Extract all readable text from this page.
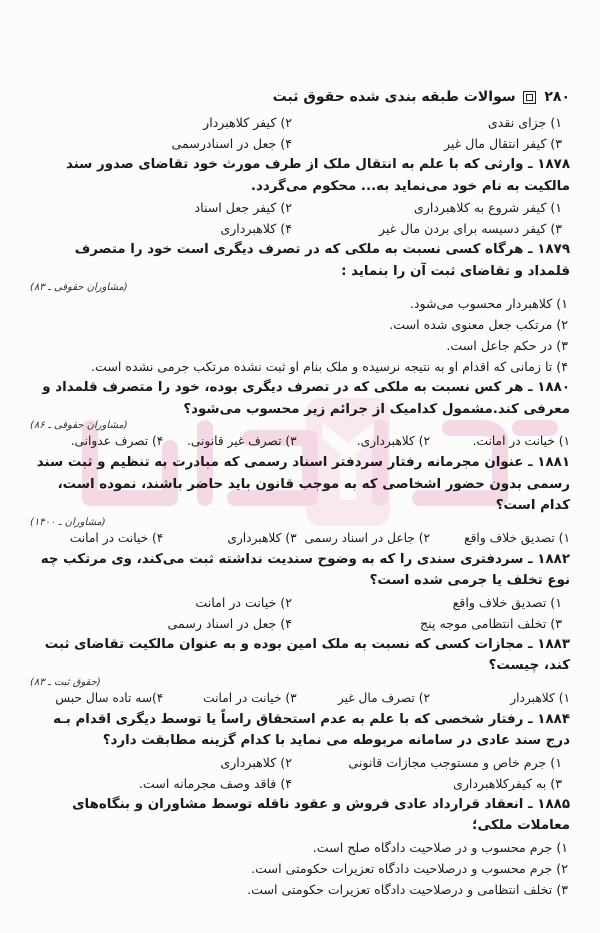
۲۸۰  سوالات طبقه بندی شده حقوق ثبت
۱) جزای نقدی
۲) کیفر کلاهبردار
۳) کیفر انتقال مال غیر
۴) جعل در اسنادرسمی
۱۸۷۸ ـ وارثی که با علم به انتقال ملک از طرف مورث خود تقاضای صدور سند مالکیت به نام خود می‌نماید به... محکوم می‌گردد.
۱) کیفر شروع به کلاهبرداری
۲) کیفر جعل اسناد
۳) کیفر دسیسه برای بردن مال غیر
۴) کلاهبرداری
۱۸۷۹ ـ هرگاه کسی نسبت به ملکی که در تصرف دیگری است خود را متصرف قلمداد و تقاضای ثبت آن را بنماید :
(مشاوران حقوقی ـ ۸۳)
۱) کلاهبردار محسوب می‌شود.
۲) مرتکب جعل معنوی شده است.
۳) در حکم جاعل است.
۴) تا زمانی که اقدام او به نتیجه نرسیده و ملک بنام او ثبت نشده مرتکب جرمی نشده است.
۱۸۸۰ ـ هر کس نسبت به ملکی که در تصرف دیگری بوده، خود را متصرف قلمداد و معرفی کند.مشمول کدامیک از جرائم زیر محسوب می‌شود؟
(مشاوران حقوقی ـ ۸۶)
۱) خیانت در امانت.
۲) کلاهبرداری.
۳) تصرف غیر قانونی.
۴) تصرف عدوانی.
۱۸۸۱ ـ عنوان مجرمانه رفتار سردفتر اسناد رسمی که مبادرت به تنظیم و ثبت سند رسمی بدون حضور اشخاصی که به موجب قانون باید حاضر باشند، نموده است، کدام است؟
(مشاوران ـ ۱۴۰۰)
۱) تصدیق خلاف واقع
۲) جاعل در اسناد رسمی
۳) کلاهبرداری
۴) خیانت در امانت
۱۸۸۲ ـ سردفتری سندی را که به وضوح سندیت نداشته ثبت می‌کند، وی مرتکب چه نوع تخلف یا جرمی شده است؟
۱) تصدیق خلاف واقع
۲) خیانت در امانت
۳) تخلف انتظامی موجه پنج
۴) جعل در اسناد رسمی
۱۸۸۳ ـ مجازات کسی که نسبت به ملک امین بوده و به عنوان مالکیت تقاضای ثبت کند، چیست؟
(حقوق ثبت ـ ۸۳)
۱) کلاهبردار
۲) تصرف مال غیر
۳) خیانت در امانت
۴)سه تاده سال حبس
۱۸۸۴ ـ رفتار شخصی که با علم به عدم استحقاق راساً یا توسط دیگری اقدام بـه درج سند عادی در سامانه مربوطه می نماید با کدام گزینه مطابقت دارد؟
۱) جرم خاص و مستوجب مجازات قانونی
۲) کلاهبرداری
۳) به کیفرکلاهبرداری
۴) فاقد وصف مجرمانه است.
۱۸۸۵ ـ انعقاد قرارداد عادی فروش و عقود ناقله توسط مشاوران و بنگاه‌های معاملات ملکی؛
۱) جرم محسوب و در صلاحیت دادگاه صلح است.
۲) جرم محسوب و درصلاحیت دادگاه تعزیرات حکومتی است.
۳) تخلف انتظامی و درصلاحیت دادگاه تعزیرات حکومتی است.
